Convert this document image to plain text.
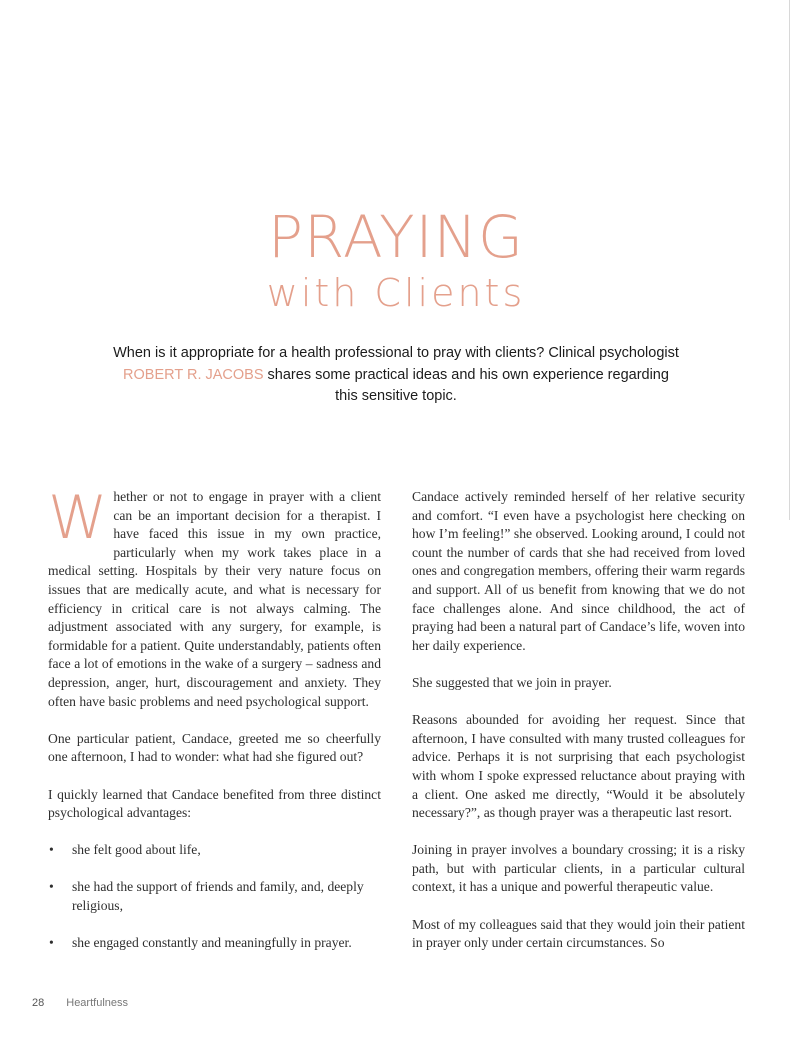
PRAYING
with Clients
When is it appropriate for a health professional to pray with clients? Clinical psychologist ROBERT R. JACOBS shares some practical ideas and his own experience regarding this sensitive topic.

Whether or not to engage in prayer with a client can be an important decision for a therapist. I have faced this issue in my own practice, particularly when my work takes place in a medical setting. Hospitals by their very nature focus on issues that are medically acute, and what is necessary for efficiency in critical care is not always calming. The adjustment associated with any surgery, for example, is formidable for a patient. Quite understandably, patients often face a lot of emotions in the wake of a surgery – sadness and depression, anger, hurt, discouragement and anxiety. They often have basic problems and need psychological support.

One particular patient, Candace, greeted me so cheerfully one afternoon, I had to wonder: what had she figured out?

I quickly learned that Candace benefited from three distinct psychological advantages:

• she felt good about life,
• she had the support of friends and family, and, deeply religious,
• she engaged constantly and meaningfully in prayer.

Candace actively reminded herself of her relative security and comfort. “I even have a psychologist here checking on how I’m feeling!” she observed. Looking around, I could not count the number of cards that she had received from loved ones and congregation members, offering their warm regards and support. All of us benefit from knowing that we do not face challenges alone. And since childhood, the act of praying had been a natural part of Candace’s life, woven into her daily experience.

She suggested that we join in prayer.

Reasons abounded for avoiding her request. Since that afternoon, I have consulted with many trusted colleagues for advice. Perhaps it is not surprising that each psychologist with whom I spoke expressed reluctance about praying with a client. One asked me directly, “Would it be absolutely necessary?”, as though prayer was a therapeutic last resort.

Joining in prayer involves a boundary crossing; it is a risky path, but with particular clients, in a particular cultural context, it has a unique and powerful therapeutic value.

Most of my colleagues said that they would join their patient in prayer only under certain circumstances. So

28 Heartfulness
